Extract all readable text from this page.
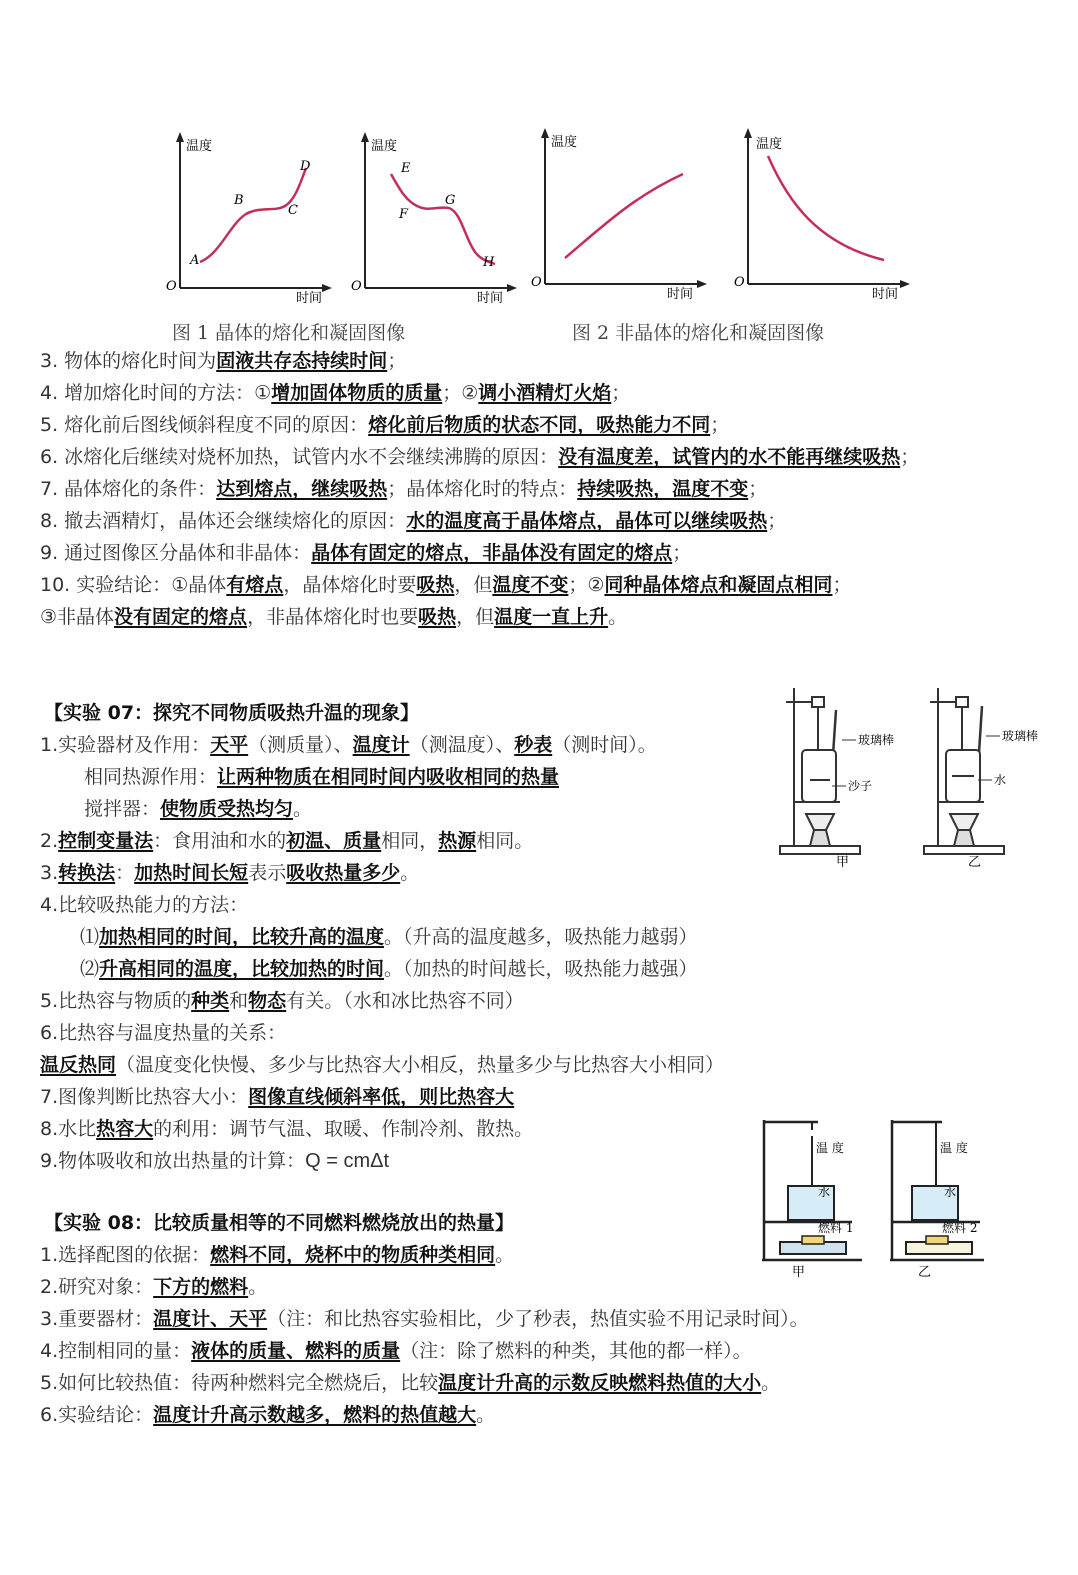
温度
时间
O
A
B
C
D
温度
时间
O
E
F
G
H
温度
时间
O
温度
时间
O
图 1 晶体的熔化和凝固图像	图 2 非晶体的熔化和凝固图像
3. 物体的熔化时间为固液共存态持续时间；
4. 增加熔化时间的方法：①增加固体物质的质量；②调小酒精灯火焰；
5. 熔化前后图线倾斜程度不同的原因：熔化前后物质的状态不同，吸热能力不同；
6. 冰熔化后继续对烧杯加热，试管内水不会继续沸腾的原因：没有温度差，试管内的水不能再继续吸热；
7. 晶体熔化的条件：达到熔点，继续吸热；晶体熔化时的特点：持续吸热，温度不变；
8. 撤去酒精灯，晶体还会继续熔化的原因：水的温度高于晶体熔点，晶体可以继续吸热；
9. 通过图像区分晶体和非晶体：晶体有固定的熔点，非晶体没有固定的熔点；
10. 实验结论：①晶体有熔点，晶体熔化时要吸热，但温度不变；②同种晶体熔点和凝固点相同；
③非晶体没有固定的熔点，非晶体熔化时也要吸热，但温度一直上升。
【实验 07：探究不同物质吸热升温的现象】
1.实验器材及作用：天平（测质量）、温度计（测温度）、秒表（测时间）。
相同热源作用：让两种物质在相同时间内吸收相同的热量
搅拌器：使物质受热均匀。
2.控制变量法：食用油和水的初温、质量相同，热源相同。
3.转换法：加热时间长短表示吸收热量多少。
4.比较吸热能力的方法：
⑴加热相同的时间，比较升高的温度。（升高的温度越多，吸热能力越弱）
⑵升高相同的温度，比较加热的时间。（加热的时间越长，吸热能力越强）
5.比热容与物质的种类和物态有关。（水和冰比热容不同）
6.比热容与温度热量的关系：
温反热同（温度变化快慢、多少与比热容大小相反，热量多少与比热容大小相同）
7.图像判断比热容大小：图像直线倾斜率低，则比热容大
8.水比热容大的利用：调节气温、取暖、作制冷剂、散热。
9.物体吸收和放出热量的计算：Q = cmΔt
玻璃棒
沙子
甲
玻璃棒
水
乙
【实验 08：比较质量相等的不同燃料燃烧放出的热量】
1.选择配图的依据：燃料不同，烧杯中的物质种类相同。
2.研究对象：下方的燃料。
3.重要器材：温度计、天平（注：和比热容实验相比，少了秒表，热值实验不用记录时间）。
4.控制相同的量：液体的质量、燃料的质量（注：除了燃料的种类，其他的都一样）。
5.如何比较热值：待两种燃料完全燃烧后，比较温度计升高的示数反映燃料热值的大小。
6.实验结论：温度计升高示数越多，燃料的热值越大。
温 度
水
燃料 1
甲
温 度
水
燃料 2
乙
